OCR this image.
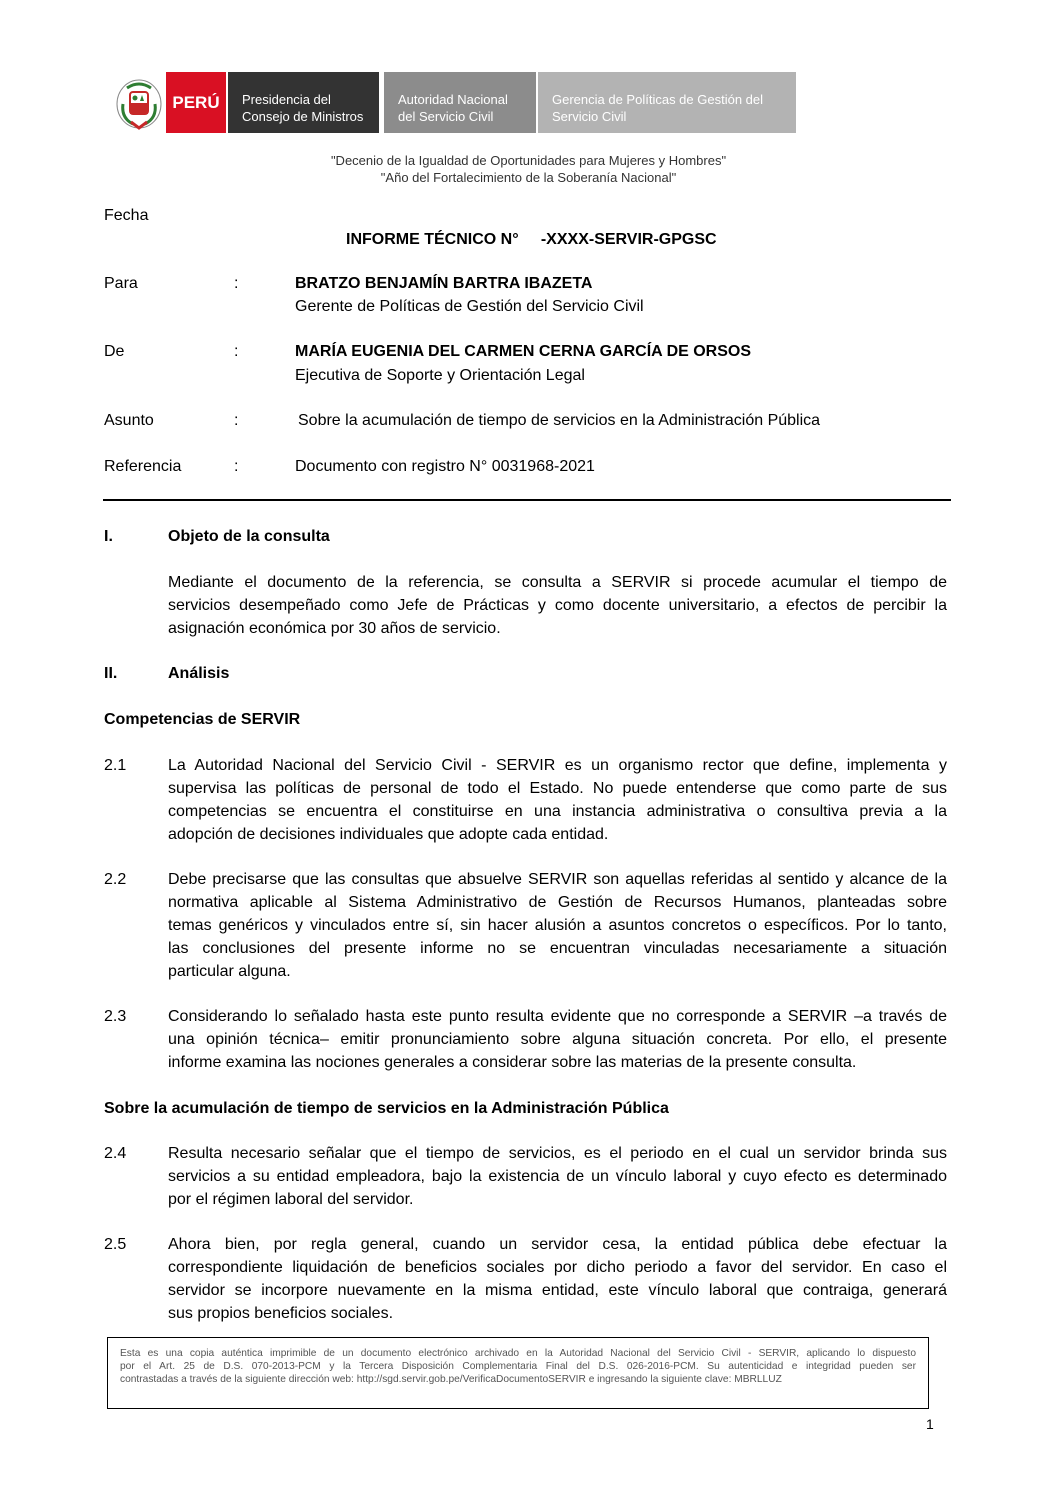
PERÚ Presidencia del
Consejo de Ministros
Autoridad Nacional
del Servicio Civil
Gerencia de Políticas de Gestión del
Servicio Civil
"Decenio de la Igualdad de Oportunidades para Mujeres y Hombres"
"Año del Fortalecimiento de la Soberanía Nacional"
Fecha
INFORME TÉCNICO N°     -XXXX-SERVIR-GPGSC
Para	:	BRATZO BENJAMÍN BARTRA IBAZETA
Gerente de Políticas de Gestión del Servicio Civil
De	:	MARÍA EUGENIA DEL CARMEN CERNA GARCÍA DE ORSOS
Ejecutiva de Soporte y Orientación Legal
Asunto	:	Sobre la acumulación de tiempo de servicios en la Administración Pública
Referencia	:	Documento con registro N° 0031968-2021
I.	Objeto de la consulta
Mediante el documento de la referencia, se consulta a SERVIR si procede acumular el tiempo de
servicios desempeñado como Jefe de Prácticas y como docente universitario, a efectos de percibir la
asignación económica por 30 años de servicio.
II.	Análisis
Competencias de SERVIR
2.1	La Autoridad Nacional del Servicio Civil - SERVIR es un organismo rector que define, implementa y
supervisa las políticas de personal de todo el Estado. No puede entenderse que como parte de sus
competencias se encuentra el constituirse en una instancia administrativa o consultiva previa a la
adopción de decisiones individuales que adopte cada entidad.
2.2	Debe precisarse que las consultas que absuelve SERVIR son aquellas referidas al sentido y alcance de la
normativa aplicable al Sistema Administrativo de Gestión de Recursos Humanos, planteadas sobre
temas genéricos y vinculados entre sí, sin hacer alusión a asuntos concretos o específicos. Por lo tanto,
las conclusiones del presente informe no se encuentran vinculadas necesariamente a situación
particular alguna.
2.3	Considerando lo señalado hasta este punto resulta evidente que no corresponde a SERVIR –a través de
una opinión técnica– emitir pronunciamiento sobre alguna situación concreta. Por ello, el presente
informe examina las nociones generales a considerar sobre las materias de la presente consulta.
Sobre la acumulación de tiempo de servicios en la Administración Pública
2.4	Resulta necesario señalar que el tiempo de servicios, es el periodo en el cual un servidor brinda sus
servicios a su entidad empleadora, bajo la existencia de un vínculo laboral y cuyo efecto es determinado
por el régimen laboral del servidor.
2.5	Ahora bien, por regla general, cuando un servidor cesa, la entidad pública debe efectuar la
correspondiente liquidación de beneficios sociales por dicho periodo a favor del servidor. En caso el
servidor se incorpore nuevamente en la misma entidad, este vínculo laboral que contraiga, generará
sus propios beneficios sociales.
Esta es una copia auténtica imprimible de un documento electrónico archivado en la Autoridad Nacional del Servicio Civil - SERVIR, aplicando lo dispuesto
por el Art. 25 de D.S. 070-2013-PCM y la Tercera Disposición Complementaria Final del D.S. 026-2016-PCM. Su autenticidad e integridad pueden ser
contrastadas a través de la siguiente dirección web: http://sgd.servir.gob.pe/VerificaDocumentoSERVIR e ingresando la siguiente clave: MBRLLUZ
1
